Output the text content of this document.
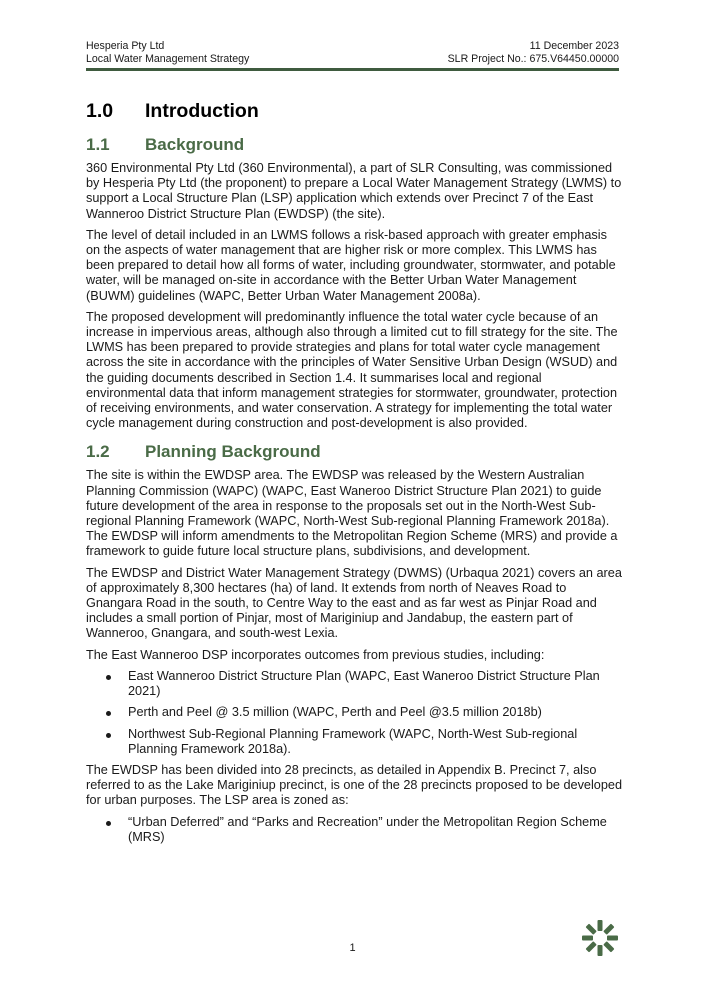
Hesperia Pty Ltd	11 December 2023
Local Water Management Strategy	SLR Project No.: 675.V64450.00000
1.0 Introduction
1.1 Background

360 Environmental Pty Ltd (360 Environmental), a part of SLR Consulting, was commissioned by Hesperia Pty Ltd (the proponent) to prepare a Local Water Management Strategy (LWMS) to support a Local Structure Plan (LSP) application which extends over Precinct 7 of the East Wanneroo District Structure Plan (EWDSP) (the site).

The level of detail included in an LWMS follows a risk-based approach with greater emphasis on the aspects of water management that are higher risk or more complex. This LWMS has been prepared to detail how all forms of water, including groundwater, stormwater, and potable water, will be managed on-site in accordance with the Better Urban Water Management (BUWM) guidelines (WAPC, Better Urban Water Management 2008a).

The proposed development will predominantly influence the total water cycle because of an increase in impervious areas, although also through a limited cut to fill strategy for the site. The LWMS has been prepared to provide strategies and plans for total water cycle management across the site in accordance with the principles of Water Sensitive Urban Design (WSUD) and the guiding documents described in Section 1.4. It summarises local and regional environmental data that inform management strategies for stormwater, groundwater, protection of receiving environments, and water conservation. A strategy for implementing the total water cycle management during construction and post-development is also provided.

1.2 Planning Background

The site is within the EWDSP area. The EWDSP was released by the Western Australian Planning Commission (WAPC) (WAPC, East Waneroo District Structure Plan 2021) to guide future development of the area in response to the proposals set out in the North-West Sub-regional Planning Framework (WAPC, North-West Sub-regional Planning Framework 2018a). The EWDSP will inform amendments to the Metropolitan Region Scheme (MRS) and provide a framework to guide future local structure plans, subdivisions, and development.

The EWDSP and District Water Management Strategy (DWMS) (Urbaqua 2021) covers an area of approximately 8,300 hectares (ha) of land. It extends from north of Neaves Road to Gnangara Road in the south, to Centre Way to the east and as far west as Pinjar Road and includes a small portion of Pinjar, most of Mariginiup and Jandabup, the eastern part of Wanneroo, Gnangara, and south-west Lexia.

The East Wanneroo DSP incorporates outcomes from previous studies, including:

East Wanneroo District Structure Plan (WAPC, East Waneroo District Structure Plan 2021)
Perth and Peel @ 3.5 million (WAPC, Perth and Peel @3.5 million 2018b)
Northwest Sub-Regional Planning Framework (WAPC, North-West Sub-regional Planning Framework 2018a).

The EWDSP has been divided into 28 precincts, as detailed in Appendix B. Precinct 7, also referred to as the Lake Mariginiup precinct, is one of the 28 precincts proposed to be developed for urban purposes. The LSP area is zoned as:

“Urban Deferred” and “Parks and Recreation” under the Metropolitan Region Scheme (MRS)
1
